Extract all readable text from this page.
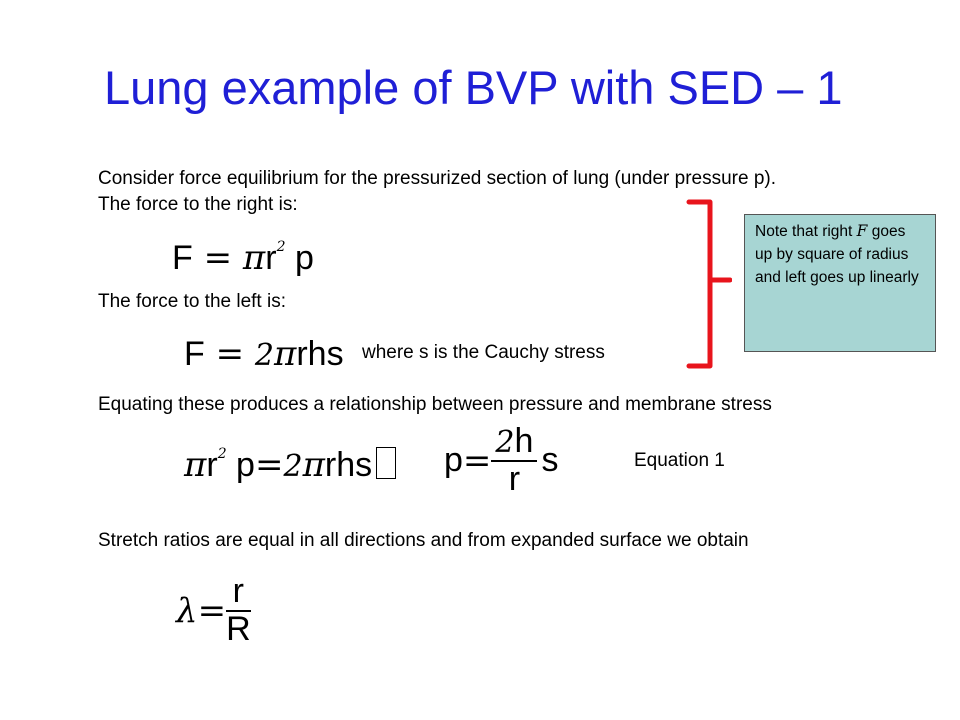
Lung example of BVP with SED – 1
Consider force equilibrium for the pressurized section of lung (under pressure p).
The force to the right is:
$F = \pi r^2$ p
The force to the left is:
F = 2πrhs where s is the Cauchy stress
Note that right F goes up by square of radius and left goes up linearly
Equating these produces a relationship between pressure and membrane stress
$\pi r^2$ p=2πrhs $p= \frac{2h}{r}$ s	Equation 1
Stretch ratios are equal in all directions and from expanded surface we obtain
$\lambda= \frac{r}{R}$
